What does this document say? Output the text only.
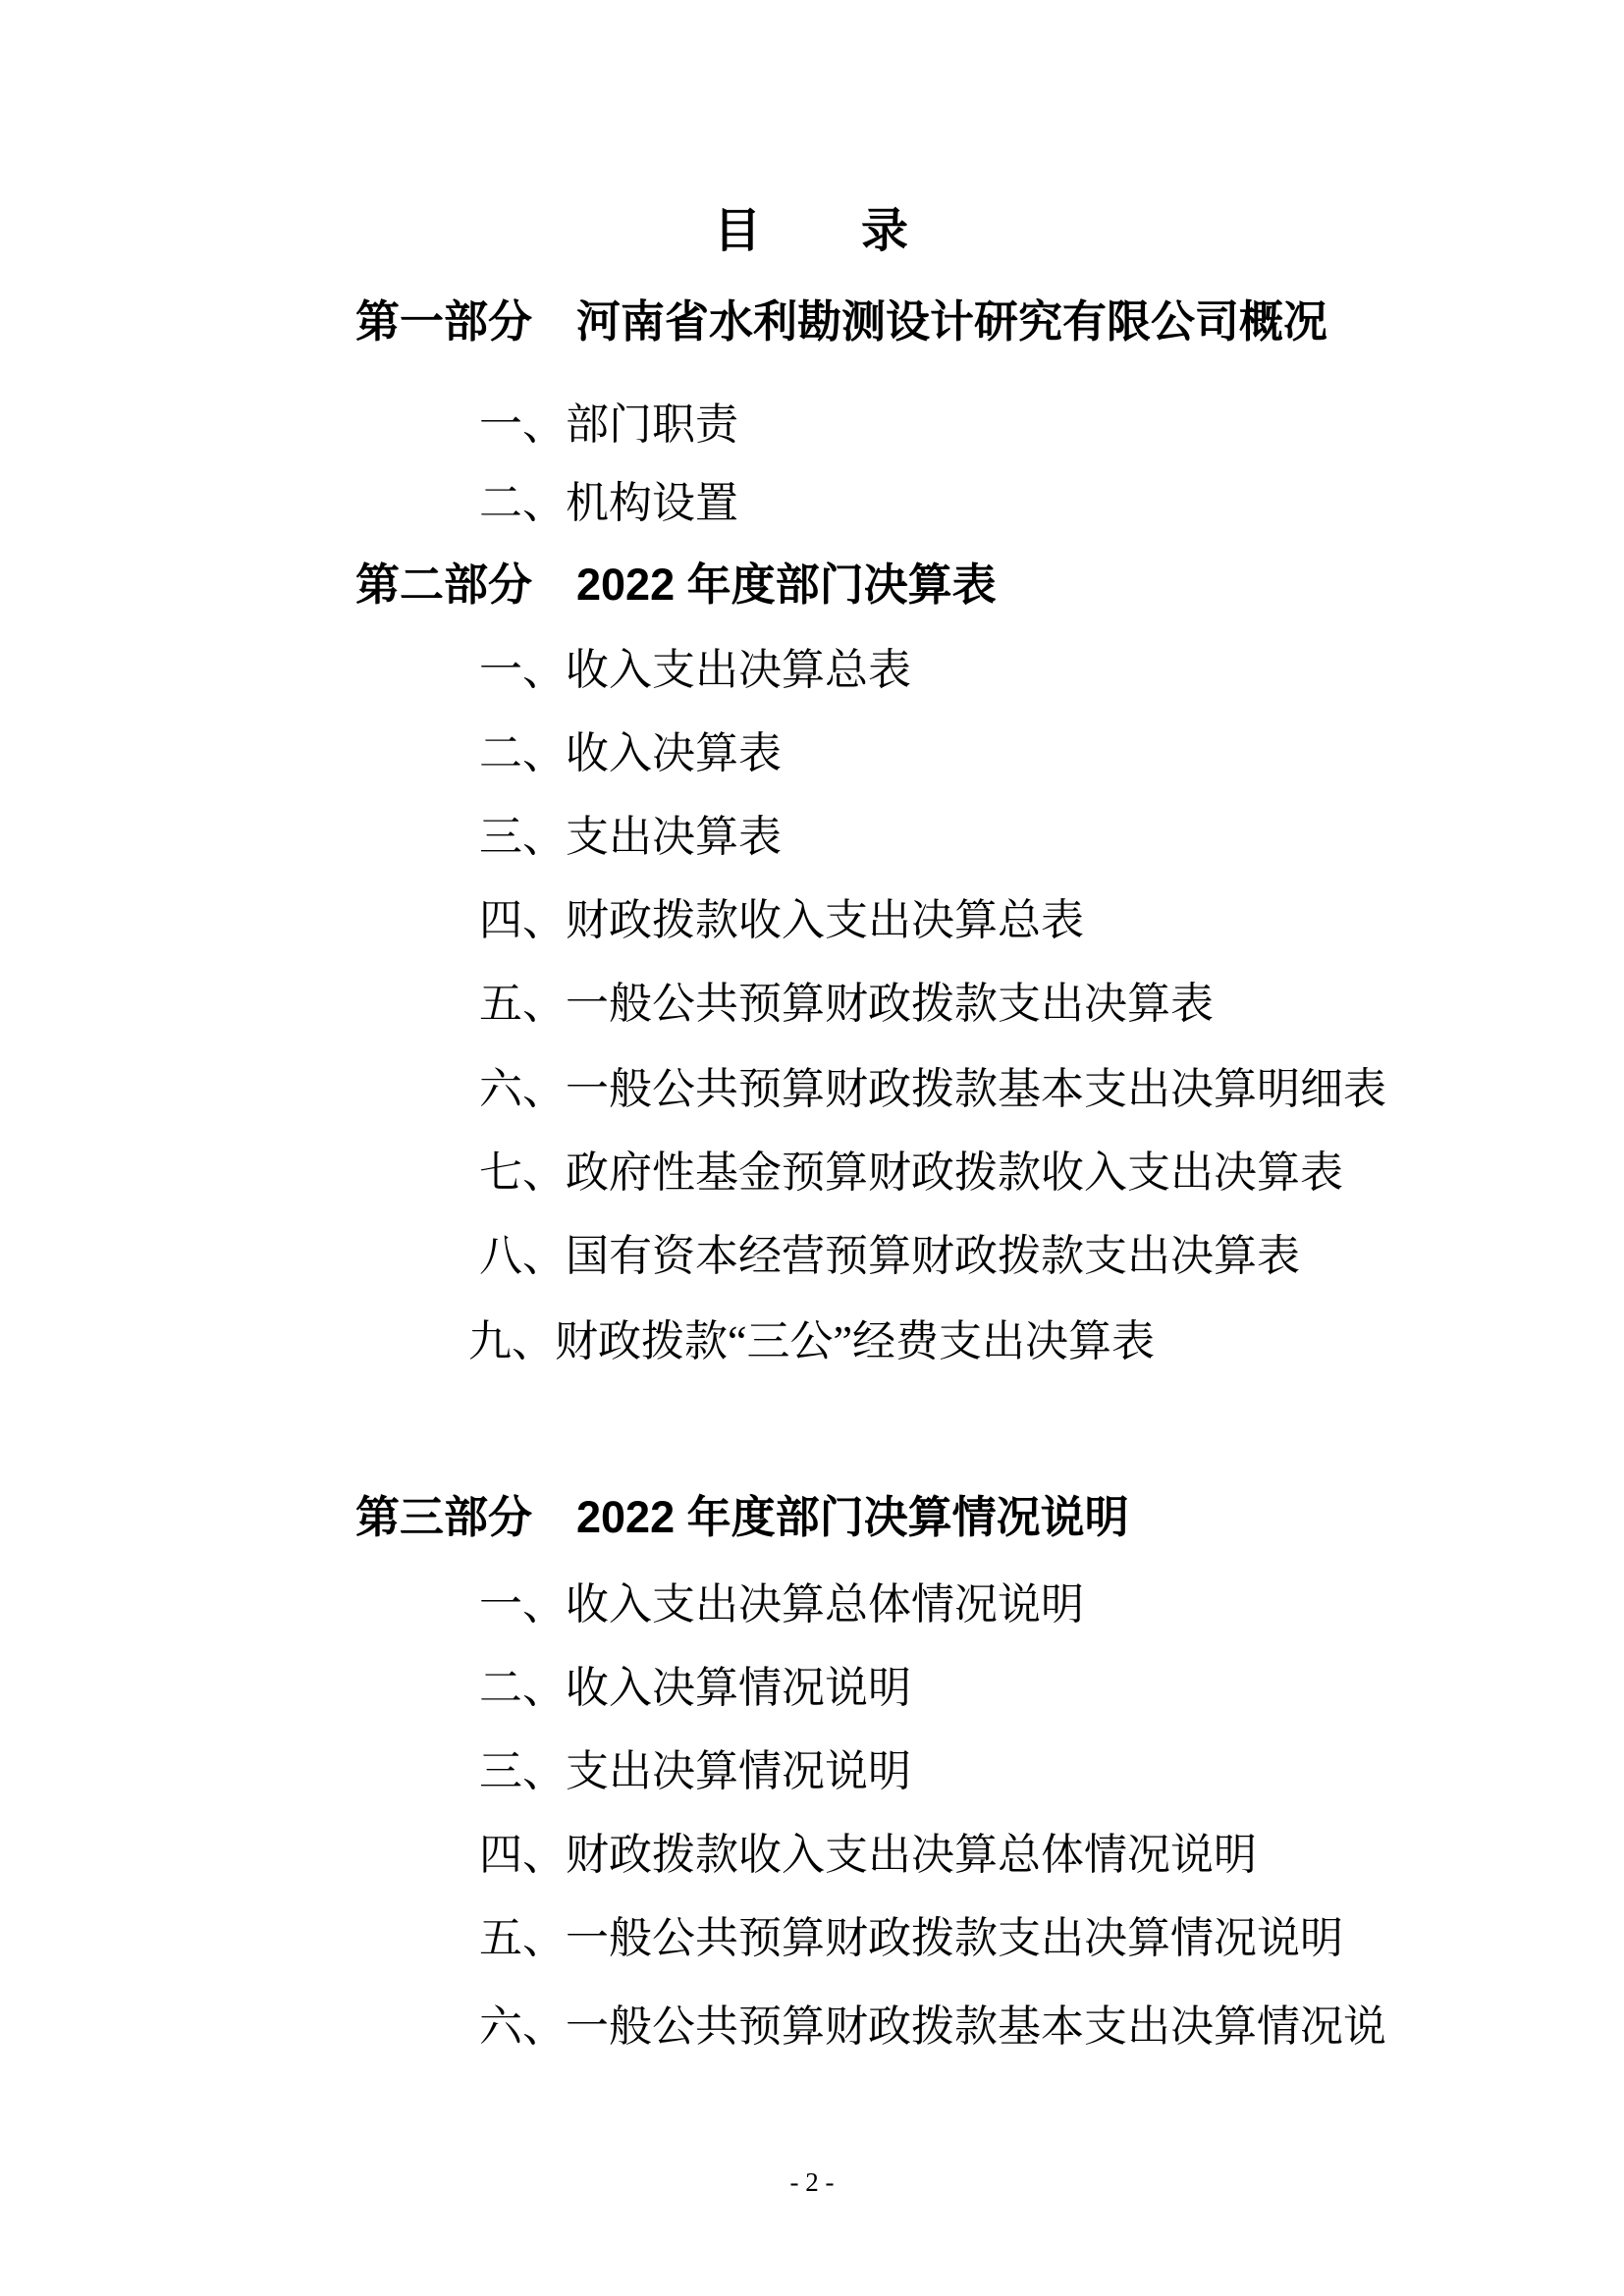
目　　录
第一部分　河南省水利勘测设计研究有限公司概况
一、部门职责
二、机构设置
第二部分　2022 年度部门决算表
一、收入支出决算总表
二、收入决算表
三、支出决算表
四、财政拨款收入支出决算总表
五、一般公共预算财政拨款支出决算表
六、一般公共预算财政拨款基本支出决算明细表
七、政府性基金预算财政拨款收入支出决算表
八、国有资本经营预算财政拨款支出决算表
九、财政拨款“三公”经费支出决算表
第三部分　2022 年度部门决算情况说明
一、收入支出决算总体情况说明
二、收入决算情况说明
三、支出决算情况说明
四、财政拨款收入支出决算总体情况说明
五、一般公共预算财政拨款支出决算情况说明
六、一般公共预算财政拨款基本支出决算情况说
- 2 -
